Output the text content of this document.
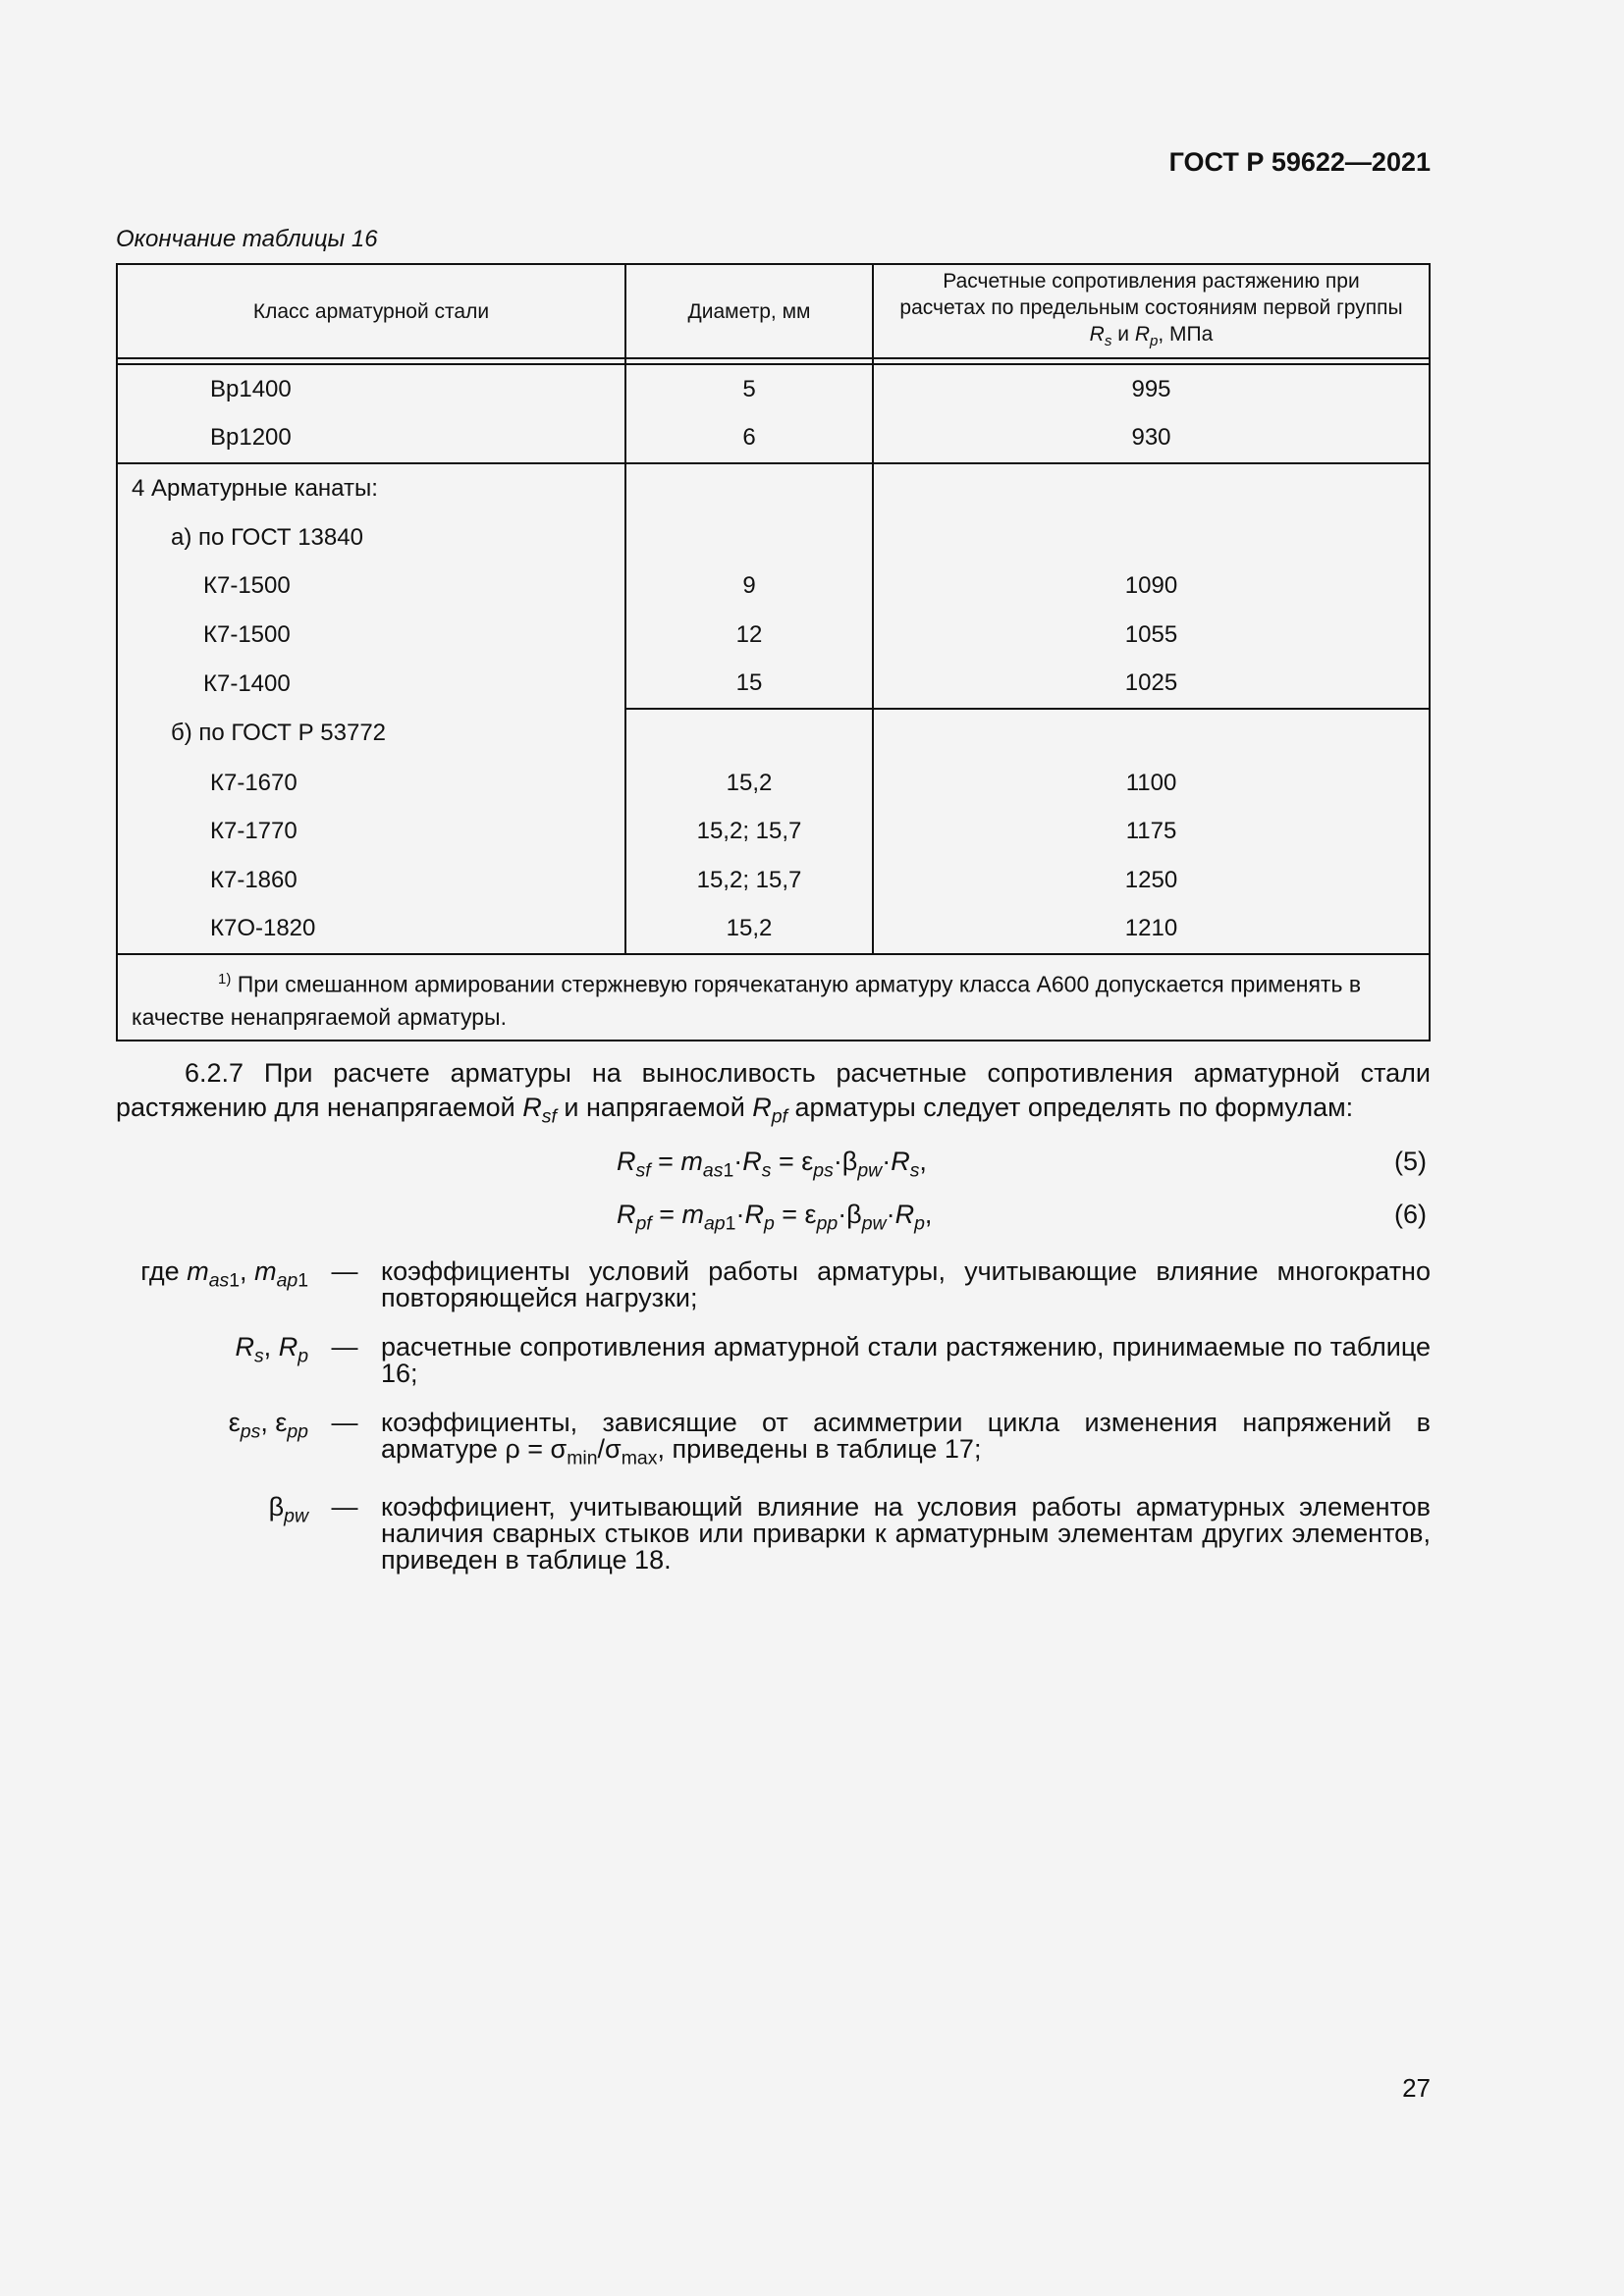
ГОСТ Р 59622—2021
Окончание таблицы 16
Класс арматурной стали	Диаметр, мм	Расчетные сопротивления растяжению при расчетах по предельным состояниям первой группы $R_s$ и $R_p$, МПа

Вр1400	5	995
Вр1200	6	930
4 Арматурные канаты:		
а) по ГОСТ 13840		
К7-1500	9	1090
К7-1500	12	1055
К7-1400	15	1025
б) по ГОСТ Р 53772		
К7-1670	15,2	1100
К7-1770	15,2; 15,7	1175
К7-1860	15,2; 15,7	1250
К7О-1820	15,2	1210
$^{1)}$ При смешанном армировании стержневую горячекатаную арматуру класса А600 допускается применять в качестве ненапрягаемой арматуры.		
6.2.7 При расчете арматуры на выносливость расчетные сопротивления арматурной стали растяжению для ненапрягаемой $R_{sf}$ и напрягаемой $R_{pf}$ арматуры следует определять по формулам:
$R_{sf} = m_{as1}\cdot R_s = \varepsilon_{ps}\cdot\beta_{pw}\cdot R_s$,	(5)
$R_{pf} = m_{ap1}\cdot R_p = \varepsilon_{pp}\cdot\beta_{pw}\cdot R_p$,	(6)
где $m_{as1}$, $m_{ap1}$ — коэффициенты условий работы арматуры, учитывающие влияние многократно повторяющейся нагрузки;
$R_s$, $R_p$ — расчетные сопротивления арматурной стали растяжению, принимаемые по таблице 16;
$\varepsilon_{ps}$, $\varepsilon_{pp}$ — коэффициенты, зависящие от асимметрии цикла изменения напряжений в арматуре $\rho = \sigma_{min}/\sigma_{max}$, приведены в таблице 17;
$\beta_{pw}$ — коэффициент, учитывающий влияние на условия работы арматурных элементов наличия сварных стыков или приварки к арматурным элементам других элементов, приведен в таблице 18.
27
